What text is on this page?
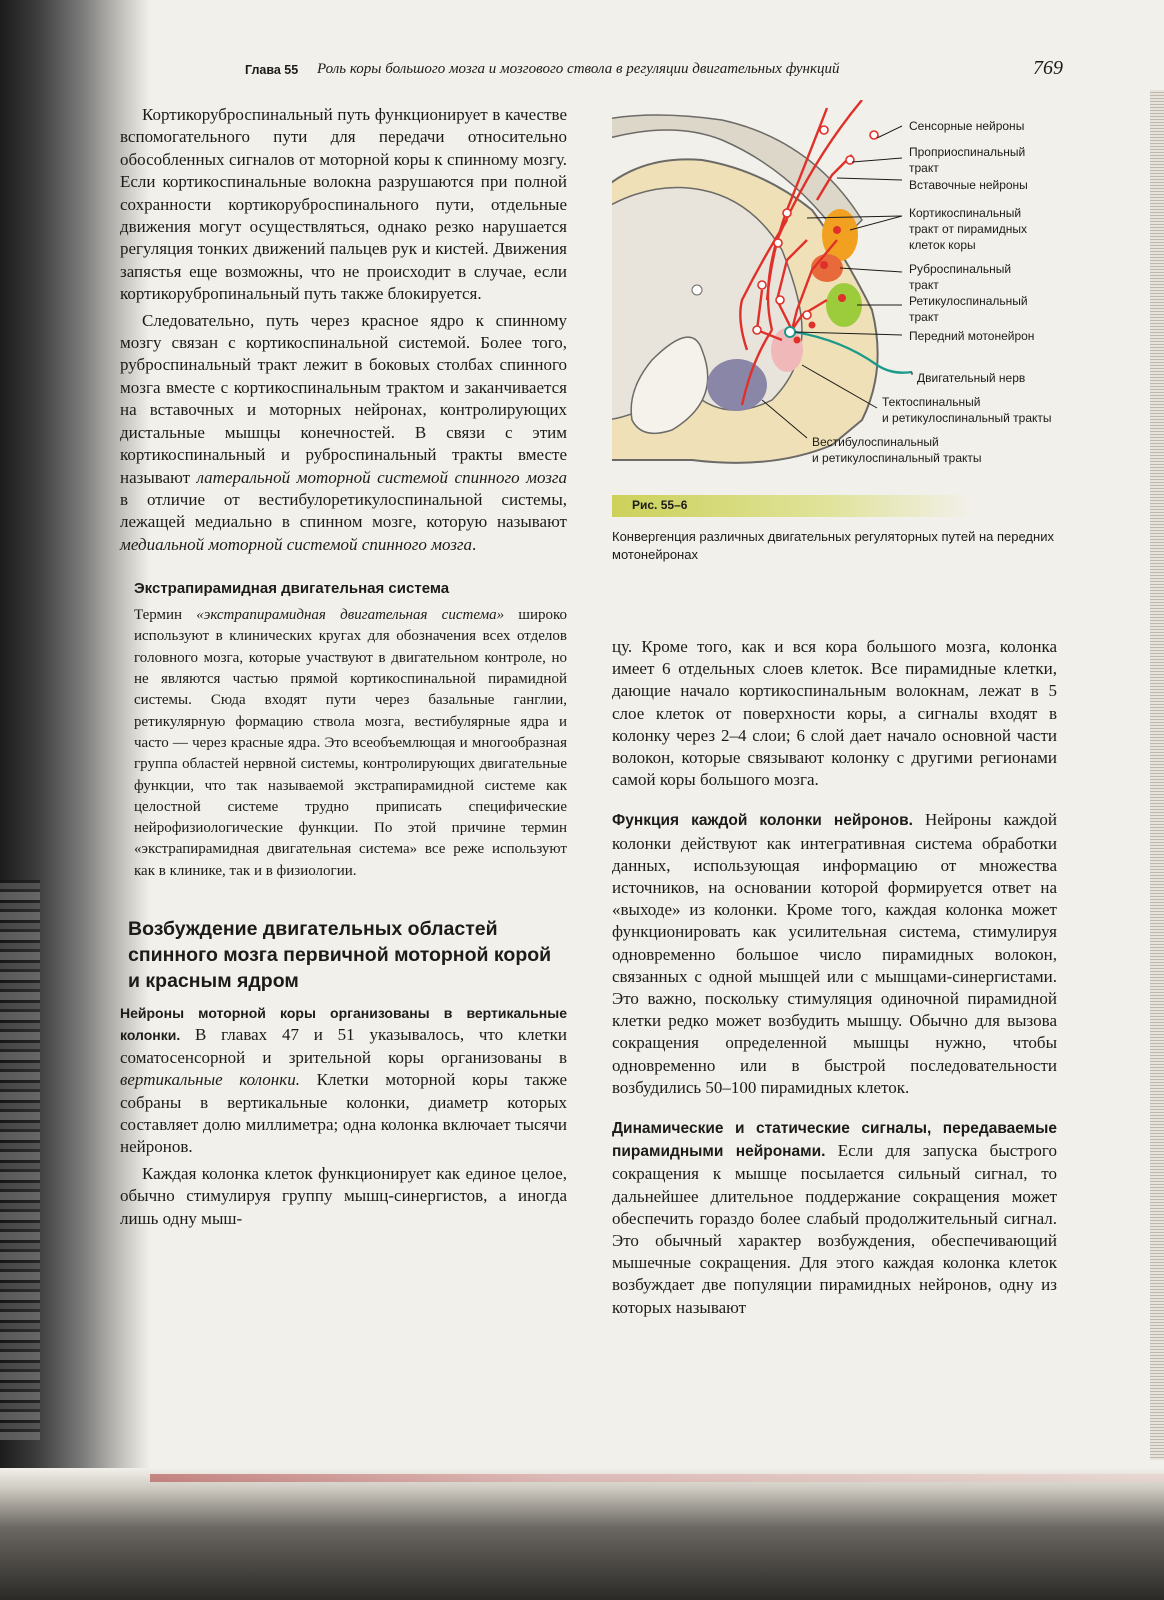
Глава 55 Роль коры большого мозга и мозгового ствола в регуляции двигательных функций	769

Кортикоруброспинальный путь функционирует в качестве вспомогательного пути для передачи относительно обособленных сигналов от моторной коры к спинному мозгу. Если кортикоспинальные волокна разрушаются при полной сохранности кортикоруброспинального пути, отдельные движения могут осуществляться, однако резко нарушается регуляция тонких движений пальцев рук и кистей. Движения запястья еще возможны, что не происходит в случае, если кортикорубропинальный путь также блокируется.

Следовательно, путь через красное ядро к спинному мозгу связан с кортикоспинальной системой. Более того, руброспинальный тракт лежит в боковых столбах спинного мозга вместе с кортикоспинальным трактом и заканчивается на вставочных и моторных нейронах, контролирующих дистальные мышцы конечностей. В связи с этим кортикоспинальный и руброспинальный тракты вместе называют латеральной моторной системой спинного мозга в отличие от вестибулоретикулоспинальной системы, лежащей медиально в спинном мозге, которую называют медиальной моторной системой спинного мозга.

Экстрапирамидная двигательная система

Термин «экстрапирамидная двигательная система» широко используют в клинических кругах для обозначения всех отделов головного мозга, которые участвуют в двигательном контроле, но не являются частью прямой кортикоспинальной пирамидной системы. Сюда входят пути через базальные ганглии, ретикулярную формацию ствола мозга, вестибулярные ядра и часто — через красные ядра. Это всеобъемлющая и многообразная группа областей нервной системы, контролирующих двигательные функции, что так называемой экстрапирамидной системе как целостной системе трудно приписать специфические нейрофизиологические функции. По этой причине термин «экстрапирамидная двигательная система» все реже используют как в клинике, так и в физиологии.

Возбуждение двигательных областей спинного мозга первичной моторной корой и красным ядром

Нейроны моторной коры организованы в вертикальные колонки. В главах 47 и 51 указывалось, что клетки соматосенсорной и зрительной коры организованы в вертикальные колонки. Клетки моторной коры также собраны в вертикальные колонки, диаметр которых составляет долю миллиметра; одна колонка включает тысячи нейронов.

Каждая колонка клеток функционирует как единое целое, обычно стимулируя группу мышц-синергистов, а иногда лишь одну мыш-

Сенсорные нейроны
Проприоспинальный
тракт
Вставочные нейроны
Кортикоспинальный
тракт от пирамидных
клеток коры
Руброспинальный
тракт
Ретикулоспинальный
тракт
Передний мотонейрон
Двигательный нерв
Тектоспинальный
и ретикулоспинальный тракты
Вестибулоспинальный
и ретикулоспинальный тракты
Рис. 55–6
Конвергенция различных двигательных регуляторных путей на передних мотонейронах

цу. Кроме того, как и вся кора большого мозга, колонка имеет 6 отдельных слоев клеток. Все пирамидные клетки, дающие начало кортикоспинальным волокнам, лежат в 5 слое клеток от поверхности коры, а сигналы входят в колонку через 2–4 слои; 6 слой дает начало основной части волокон, которые связывают колонку с другими регионами самой коры большого мозга.

Функция каждой колонки нейронов. Нейроны каждой колонки действуют как интегративная система обработки данных, использующая информацию от множества источников, на основании которой формируется ответ на «выходе» из колонки. Кроме того, каждая колонка может функционировать как усилительная система, стимулируя одновременно большое число пирамидных волокон, связанных с одной мышцей или с мышцами-синергистами. Это важно, поскольку стимуляция одиночной пирамидной клетки редко может возбудить мышцу. Обычно для вызова сокращения определенной мышцы нужно, чтобы одновременно или в быстрой последовательности возбудились 50–100 пирамидных клеток.

Динамические и статические сигналы, передаваемые пирамидными нейронами. Если для запуска быстрого сокращения к мышце посылается сильный сигнал, то дальнейшее длительное поддержание сокращения может обеспечить гораздо более слабый продолжительный сигнал. Это обычный характер возбуждения, обеспечивающий мышечные сокращения. Для этого каждая колонка клеток возбуждает две популяции пирамидных нейронов, одну из которых называют
